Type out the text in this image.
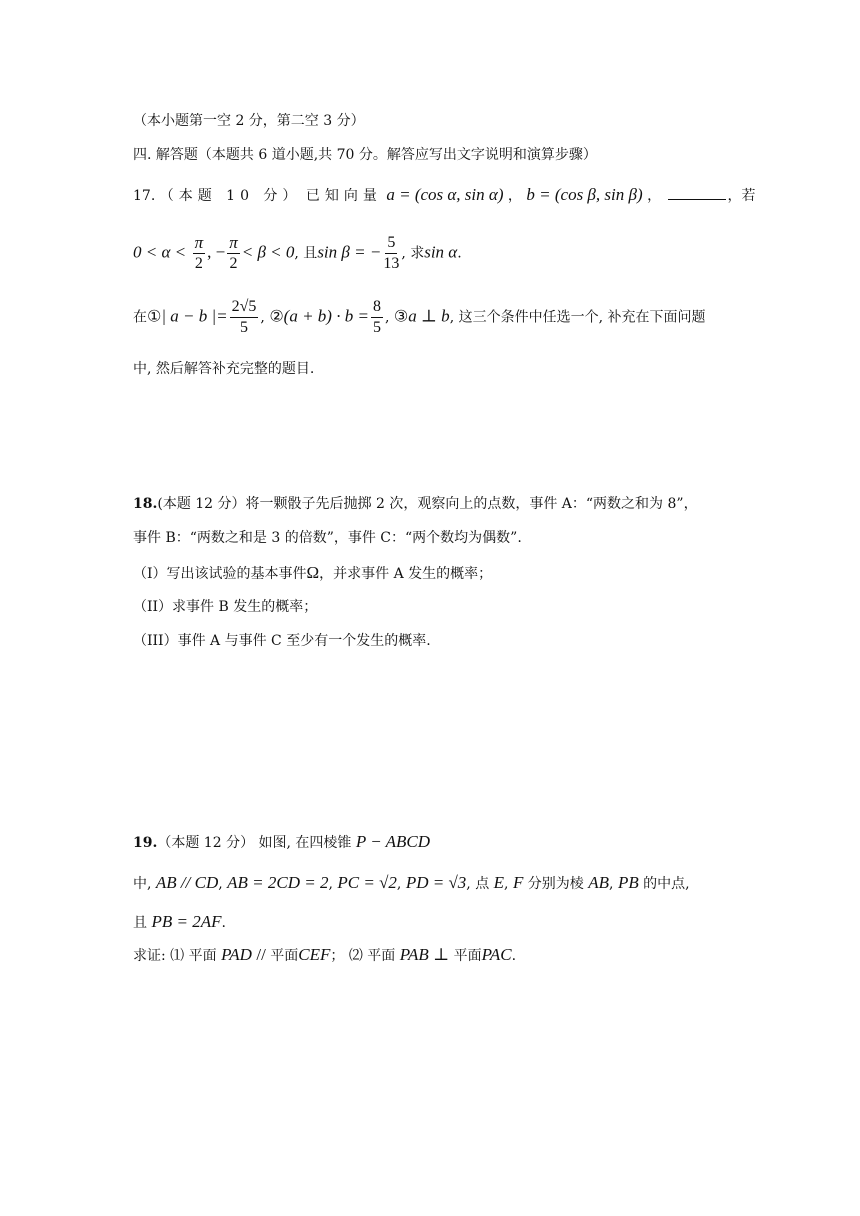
（本小题第一空 2 分，第二空 3 分）
四. 解答题（本题共 6 道小题,共 70 分。解答应写出文字说明和演算步骤）
17. （本题 10 分） 已知向量 a = (cos α, sin α) ， b = (cos β, sin β) ，	，若
$0 < \alpha < \frac{\pi}{2}$ , − $\frac{\pi}{2} < \beta < 0$, 且sin β = − $\frac{5}{13}$ , 求sin α.
在①| a − b |= $\frac{2√5}{5}$ , ②(a + $b) \cdot b = \frac{8}{5}$ , ③a ⊥ b, 这三个条件中任选一个, 补充在下面问题
中, 然后解答补充完整的题目.
18.(本题 12 分）将一颗骰子先后抛掷 2 次，观察向上的点数，事件 A：“两数之和为 8”，
事件 B：“两数之和是 3 的倍数”，事件 C：“两个数均为偶数”.
（I）写出该试验的基本事件Ω，并求事件 A 发生的概率；
（II）求事件 B 发生的概率；
（III）事件 A 与事件 C 至少有一个发生的概率.
19.（本题 12 分） 如图, 在四棱锥 P − ABCD
中, AB // CD, AB = 2CD = 2, PC = √2, PD = √3, 点 E, F 分别为棱 AB, PB 的中点,
且 PB = 2AF.
求证: ⑴ 平面 PAD // 平面CEF； ⑵ 平面 PAB ⊥ 平面PAC.
